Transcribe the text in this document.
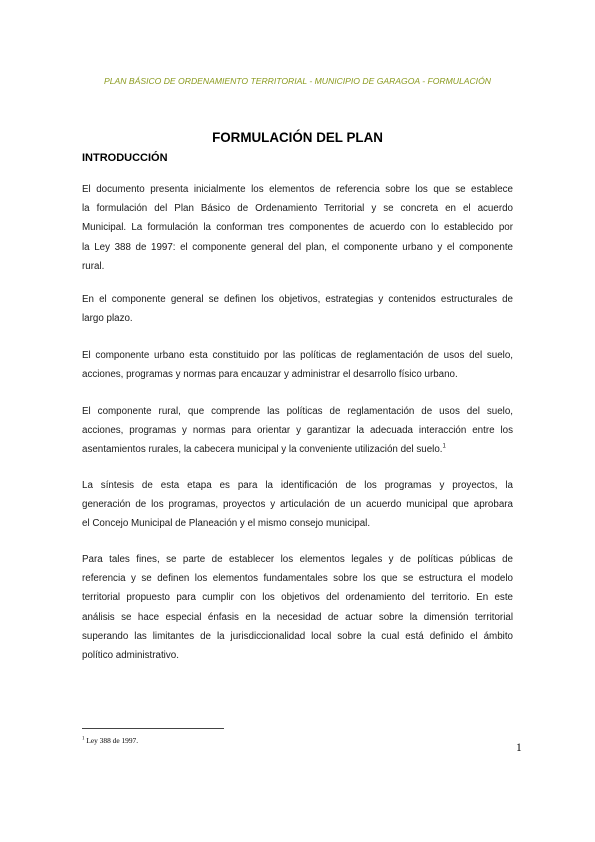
PLAN BÁSICO DE ORDENAMIENTO TERRITORIAL - MUNICIPIO DE GARAGOA - FORMULACIÓN
FORMULACIÓN DEL PLAN
INTRODUCCIÓN
El documento presenta inicialmente los elementos de referencia sobre los que se establece
la formulación del Plan Básico de Ordenamiento Territorial y se concreta en el acuerdo
Municipal. La formulación la conforman tres componentes de acuerdo con lo establecido por
la Ley 388 de 1997: el componente general del plan, el componente urbano y el componente
rural.
En el componente general se definen los objetivos, estrategias y contenidos estructurales de
largo plazo.
El componente urbano esta constituido por las políticas de reglamentación de usos del suelo,
acciones, programas y normas para encauzar y administrar el desarrollo físico urbano.
El componente rural, que comprende las políticas de reglamentación de usos del suelo,
acciones, programas y normas para orientar y garantizar la adecuada interacción entre los
asentamientos rurales, la cabecera municipal y la conveniente utilización del suelo.$^1$
La síntesis de esta etapa es para la identificación de los programas y proyectos, la
generación de los programas, proyectos y articulación de un acuerdo municipal que aprobara
el Concejo Municipal de Planeación y el mismo consejo municipal.
Para tales fines, se parte de establecer los elementos legales y de políticas públicas de
referencia y se definen los elementos fundamentales sobre los que se estructura el modelo
territorial propuesto para cumplir con los objetivos del ordenamiento del territorio. En este
análisis se hace especial énfasis en la necesidad de actuar sobre la dimensión territorial
superando las limitantes de la jurisdiccionalidad local sobre la cual está definido el ámbito
político administrativo.
$^1$ Ley 388 de 1997.
1
